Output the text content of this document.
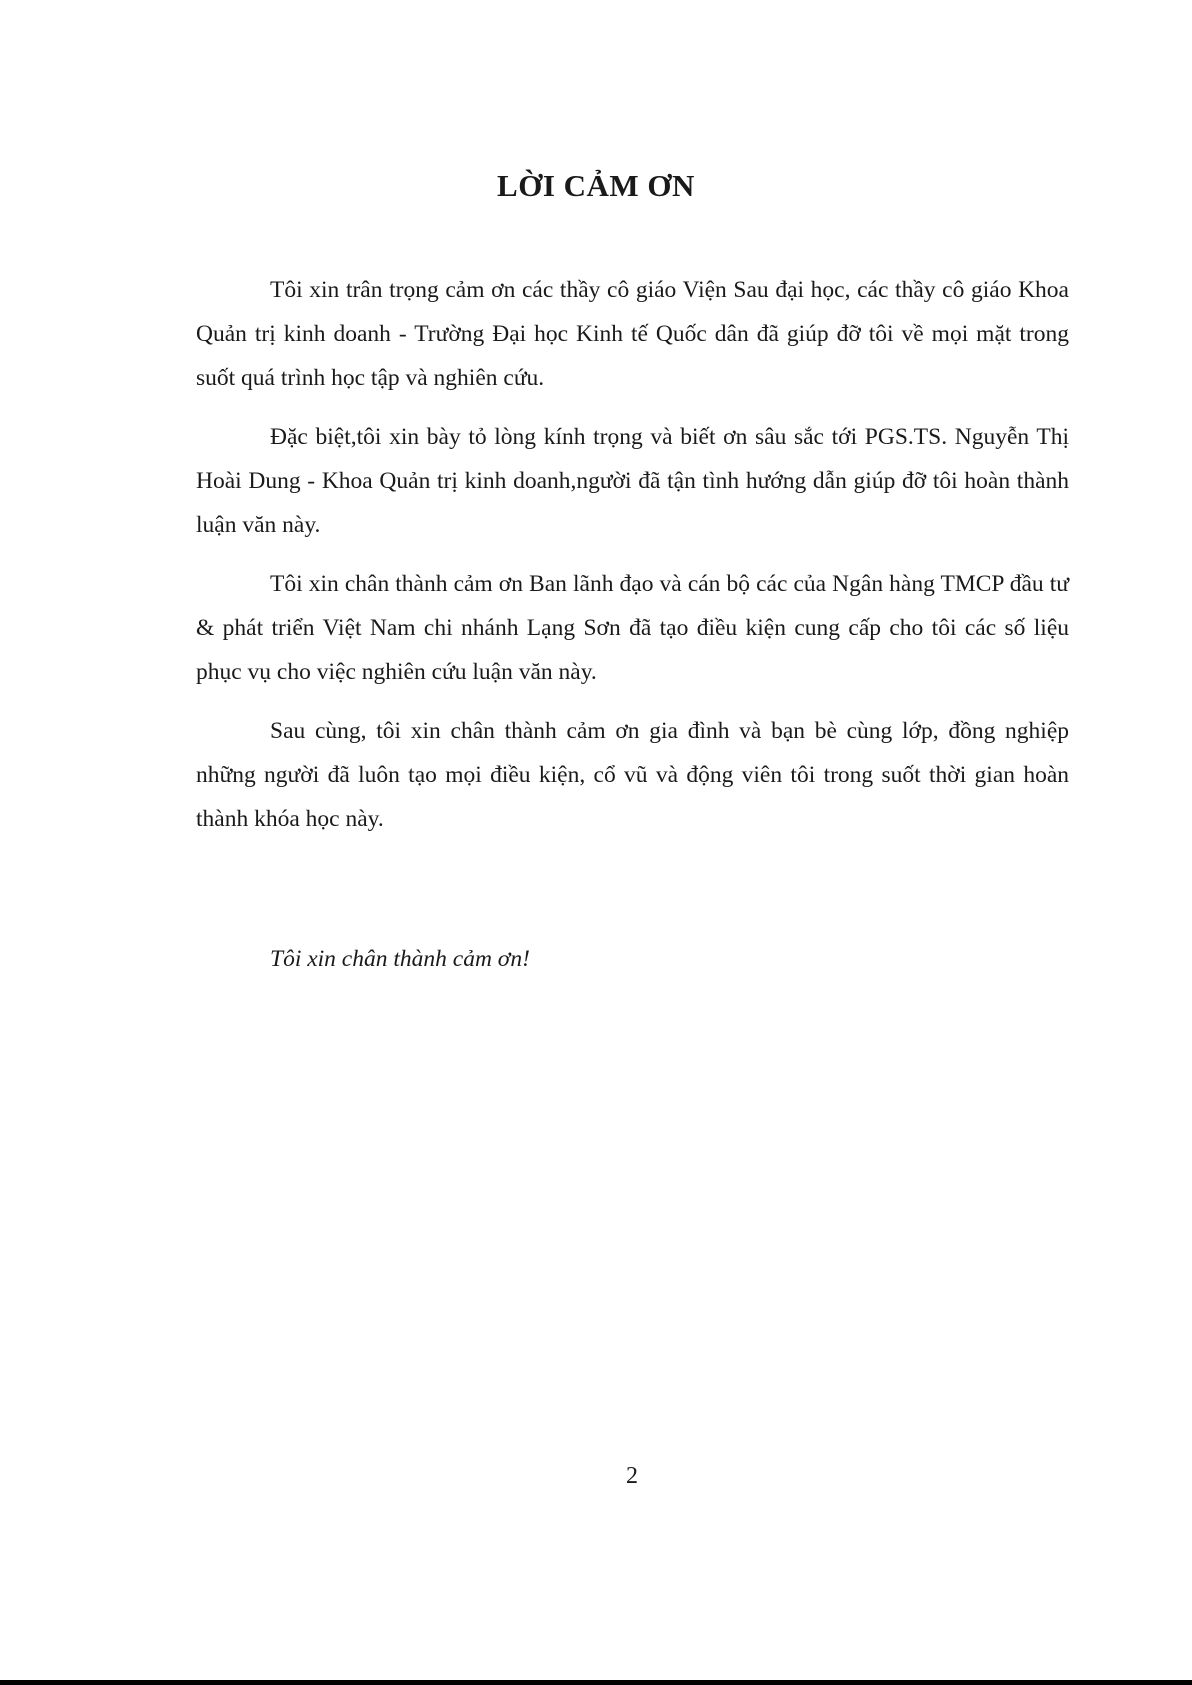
LỜI CẢM ƠN

Tôi xin trân trọng cảm ơn các thầy cô giáo Viện Sau đại học, các thầy cô giáo Khoa Quản trị kinh doanh - Trường Đại học Kinh tế Quốc dân đã giúp đỡ tôi về mọi mặt trong suốt quá trình học tập và nghiên cứu.

Đặc biệt,tôi xin bày tỏ lòng kính trọng và biết ơn sâu sắc tới PGS.TS. Nguyễn Thị Hoài Dung - Khoa Quản trị kinh doanh,người đã tận tình hướng dẫn giúp đỡ tôi hoàn thành luận văn này.

Tôi xin chân thành cảm ơn Ban lãnh đạo và cán bộ các của Ngân hàng TMCP đầu tư & phát triển Việt Nam chi nhánh Lạng Sơn đã tạo điều kiện cung cấp cho tôi các số liệu phục vụ cho việc nghiên cứu luận văn này.

Sau cùng, tôi xin chân thành cảm ơn gia đình và bạn bè cùng lớp, đồng nghiệp những người đã luôn tạo mọi điều kiện, cổ vũ và động viên tôi trong suốt thời gian hoàn thành khóa học này.

Tôi xin chân thành cảm ơn!

2
